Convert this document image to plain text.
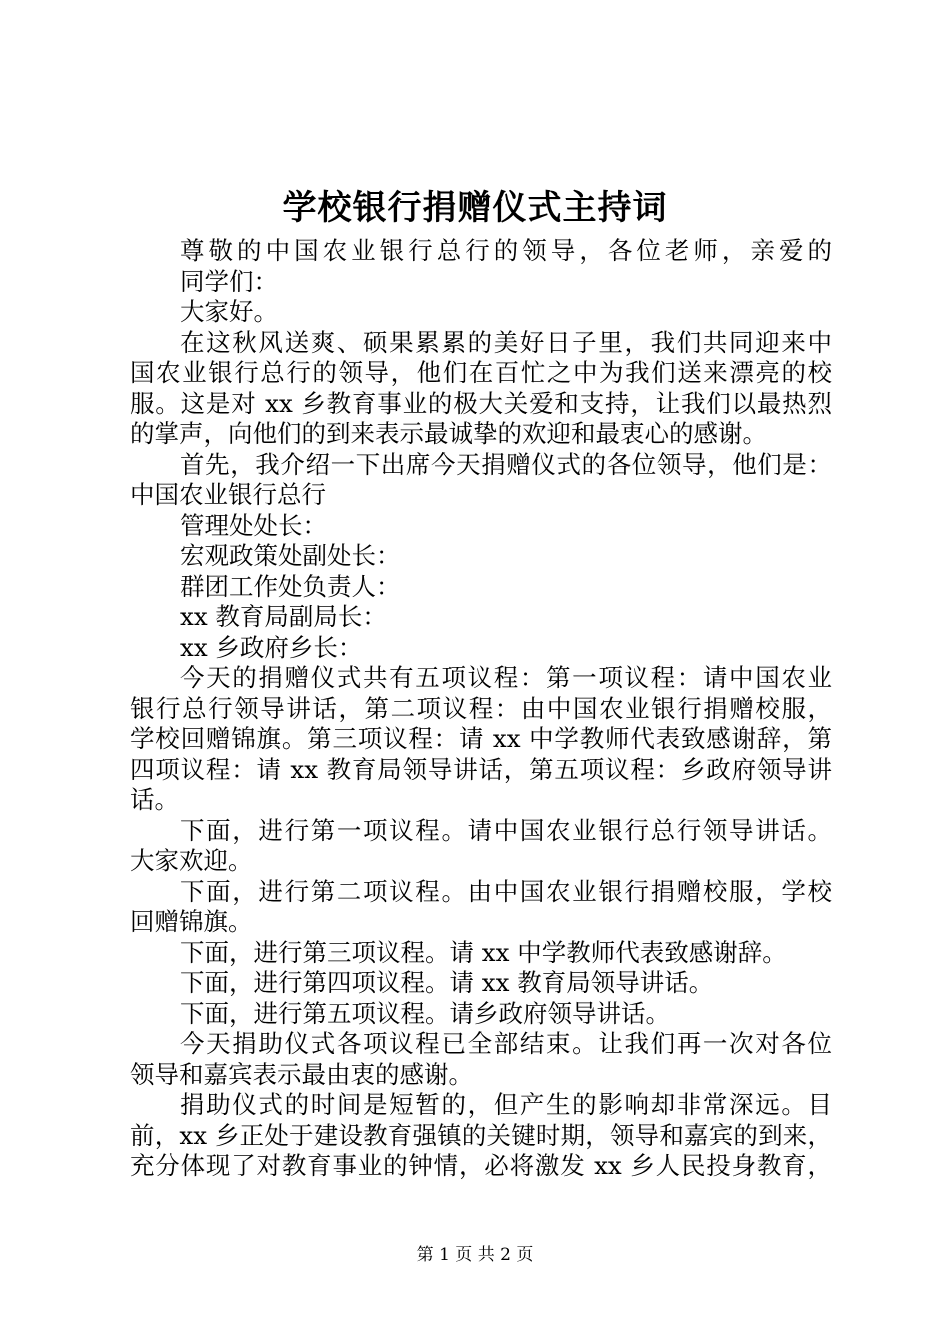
学校银行捐赠仪式主持词
尊敬的中国农业银行总行的领导，各位老师，亲爱的
同学们：
大家好。
在这秋风送爽、硕果累累的美好日子里，我们共同迎来中
国农业银行总行的领导，他们在百忙之中为我们送来漂亮的校
服。这是对 xx 乡教育事业的极大关爱和支持，让我们以最热烈
的掌声，向他们的到来表示最诚挚的欢迎和最衷心的感谢。
首先，我介绍一下出席今天捐赠仪式的各位领导，他们是：
中国农业银行总行
管理处处长：
宏观政策处副处长：
群团工作处负责人：
xx 教育局副局长：
xx 乡政府乡长：
今天的捐赠仪式共有五项议程：第一项议程：请中国农业
银行总行领导讲话，第二项议程：由中国农业银行捐赠校服，
学校回赠锦旗。第三项议程：请 xx 中学教师代表致感谢辞，第
四项议程：请 xx 教育局领导讲话，第五项议程：乡政府领导讲
话。
下面，进行第一项议程。请中国农业银行总行领导讲话。
大家欢迎。
下面，进行第二项议程。由中国农业银行捐赠校服，学校
回赠锦旗。
下面，进行第三项议程。请 xx 中学教师代表致感谢辞。
下面，进行第四项议程。请 xx 教育局领导讲话。
下面，进行第五项议程。请乡政府领导讲话。
今天捐助仪式各项议程已全部结束。让我们再一次对各位
领导和嘉宾表示最由衷的感谢。
捐助仪式的时间是短暂的，但产生的影响却非常深远。目
前，xx 乡正处于建设教育强镇的关键时期，领导和嘉宾的到来，
充分体现了对教育事业的钟情，必将激发 xx 乡人民投身教育，
第 1 页 共 2 页
